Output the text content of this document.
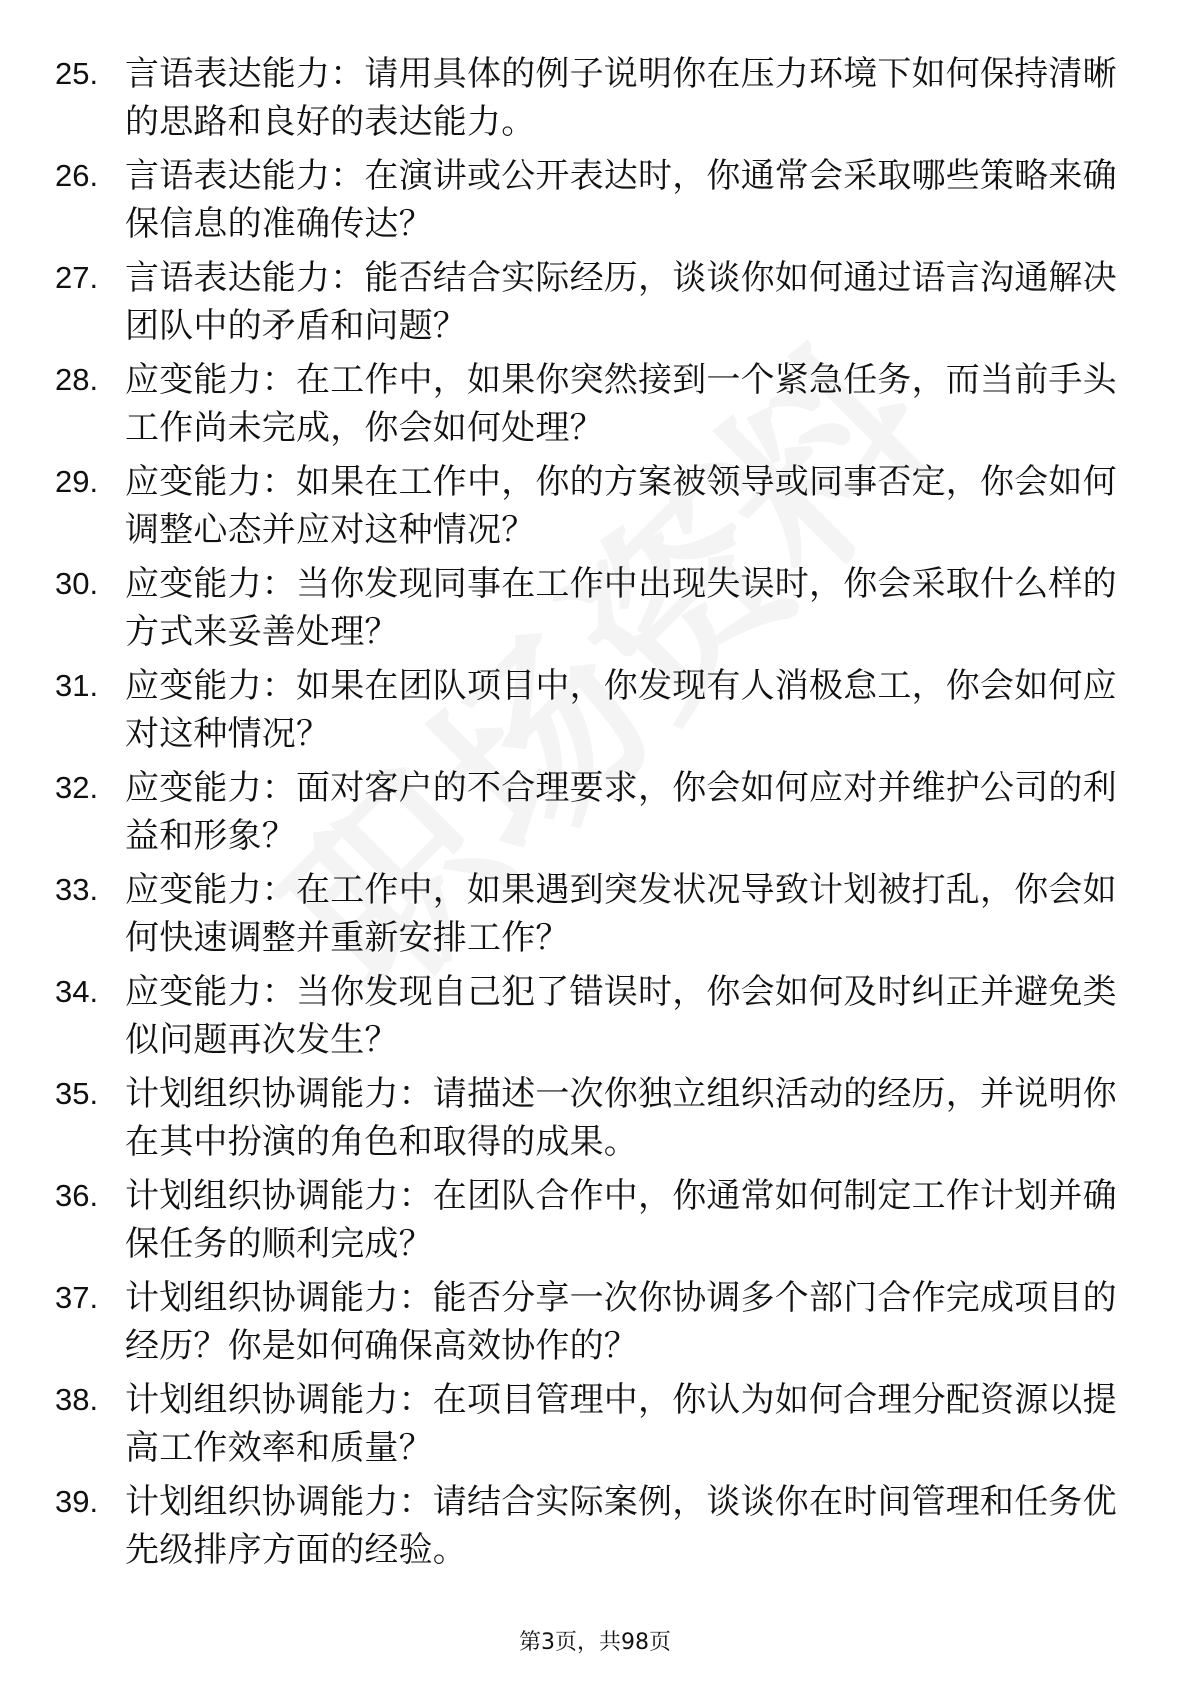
25. 言语表达能力：请用具体的例子说明你在压力环境下如何保持清晰的思路和良好的表达能力。
26. 言语表达能力：在演讲或公开表达时，你通常会采取哪些策略来确保信息的准确传达？
27. 言语表达能力：能否结合实际经历，谈谈你如何通过语言沟通解决团队中的矛盾和问题？
28. 应变能力：在工作中，如果你突然接到一个紧急任务，而当前手头工作尚未完成，你会如何处理？
29. 应变能力：如果在工作中，你的方案被领导或同事否定，你会如何调整心态并应对这种情况？
30. 应变能力：当你发现同事在工作中出现失误时，你会采取什么样的方式来妥善处理？
31. 应变能力：如果在团队项目中，你发现有人消极怠工，你会如何应对这种情况？
32. 应变能力：面对客户的不合理要求，你会如何应对并维护公司的利益和形象？
33. 应变能力：在工作中，如果遇到突发状况导致计划被打乱，你会如何快速调整并重新安排工作？
34. 应变能力：当你发现自己犯了错误时，你会如何及时纠正并避免类似问题再次发生？
35. 计划组织协调能力：请描述一次你独立组织活动的经历，并说明你在其中扮演的角色和取得的成果。
36. 计划组织协调能力：在团队合作中，你通常如何制定工作计划并确保任务的顺利完成？
37. 计划组织协调能力：能否分享一次你协调多个部门合作完成项目的经历？你是如何确保高效协作的？
38. 计划组织协调能力：在项目管理中，你认为如何合理分配资源以提高工作效率和质量？
39. 计划组织协调能力：请结合实际案例，谈谈你在时间管理和任务优先级排序方面的经验。
第3页，共98页
